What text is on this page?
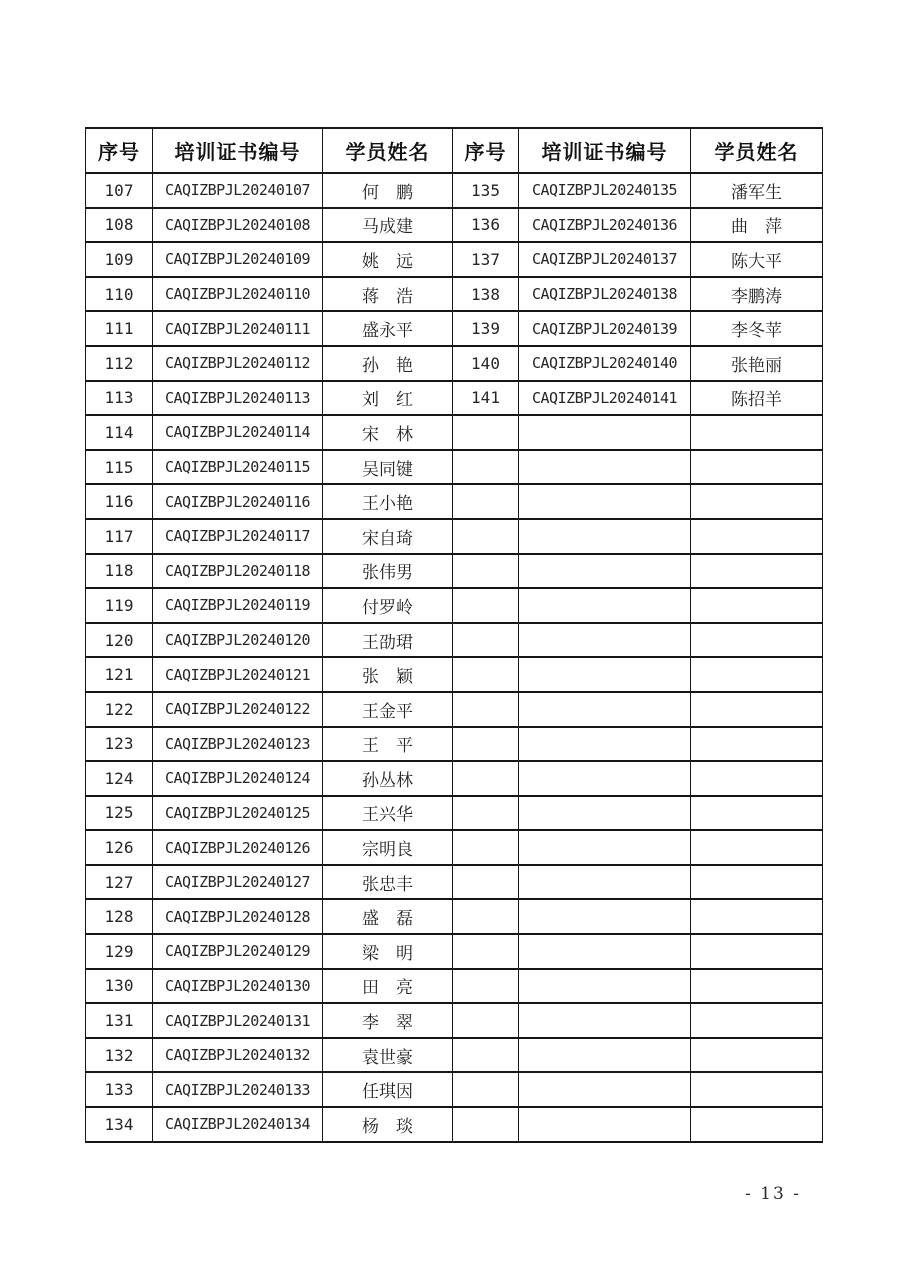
序号	培训证书编号	学员姓名	序号	培训证书编号	学员姓名
107	CAQIZBPJL20240107	何　鹏	135	CAQIZBPJL20240135	潘军生
108	CAQIZBPJL20240108	马成建	136	CAQIZBPJL20240136	曲　萍
109	CAQIZBPJL20240109	姚　远	137	CAQIZBPJL20240137	陈大平
110	CAQIZBPJL20240110	蒋　浩	138	CAQIZBPJL20240138	李鹏涛
111	CAQIZBPJL20240111	盛永平	139	CAQIZBPJL20240139	李冬苹
112	CAQIZBPJL20240112	孙　艳	140	CAQIZBPJL20240140	张艳丽
113	CAQIZBPJL20240113	刘　红	141	CAQIZBPJL20240141	陈招羊
114	CAQIZBPJL20240114	宋　林			
115	CAQIZBPJL20240115	吴同键			
116	CAQIZBPJL20240116	王小艳			
117	CAQIZBPJL20240117	宋自琦			
118	CAQIZBPJL20240118	张伟男			
119	CAQIZBPJL20240119	付罗岭			
120	CAQIZBPJL20240120	王劭珺			
121	CAQIZBPJL20240121	张　颖			
122	CAQIZBPJL20240122	王金平			
123	CAQIZBPJL20240123	王　平			
124	CAQIZBPJL20240124	孙丛林			
125	CAQIZBPJL20240125	王兴华			
126	CAQIZBPJL20240126	宗明良			
127	CAQIZBPJL20240127	张忠丰			
128	CAQIZBPJL20240128	盛　磊			
129	CAQIZBPJL20240129	梁　明			
130	CAQIZBPJL20240130	田　亮			
131	CAQIZBPJL20240131	李　翠			
132	CAQIZBPJL20240132	袁世豪			
133	CAQIZBPJL20240133	任琪因			
134	CAQIZBPJL20240134	杨　琰			
- 13 -
